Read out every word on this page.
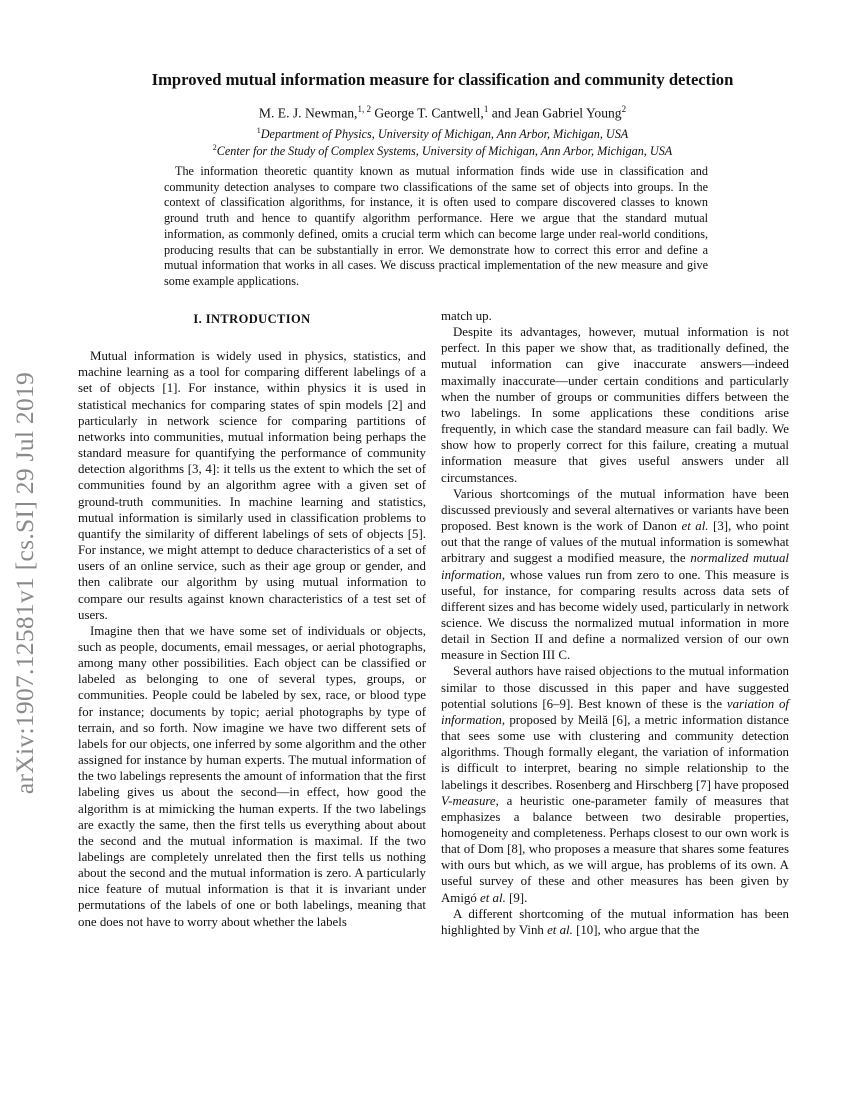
arXiv:1907.12581v1 [cs.SI] 29 Jul 2019
Improved mutual information measure for classification and community detection
M. E. J. Newman,$^{1, 2}$ George T. Cantwell,$^1$ and Jean Gabriel Young$^2$
$^1$Department of Physics, University of Michigan, Ann Arbor, Michigan, USA
$^2$Center for the Study of Complex Systems, University of Michigan, Ann Arbor, Michigan, USA

The information theoretic quantity known as mutual information finds wide use in classification and community detection analyses to compare two classifications of the same set of objects into groups. In the context of classification algorithms, for instance, it is often used to compare discovered classes to known ground truth and hence to quantify algorithm performance. Here we argue that the standard mutual information, as commonly defined, omits a crucial term which can become large under real-world conditions, producing results that can be substantially in error. We demonstrate how to correct this error and define a mutual information that works in all cases. We discuss practical implementation of the new measure and give some example applications.

I. INTRODUCTION

Mutual information is widely used in physics, statistics, and machine learning as a tool for comparing different labelings of a set of objects [1]. For instance, within physics it is used in statistical mechanics for comparing states of spin models [2] and particularly in network science for comparing partitions of networks into communities, mutual information being perhaps the standard measure for quantifying the performance of community detection algorithms [3, 4]: it tells us the extent to which the set of communities found by an algorithm agree with a given set of ground-truth communities. In machine learning and statistics, mutual information is similarly used in classification problems to quantify the similarity of different labelings of sets of objects [5]. For instance, we might attempt to deduce characteristics of a set of users of an online service, such as their age group or gender, and then calibrate our algorithm by using mutual information to compare our results against known characteristics of a test set of users.

Imagine then that we have some set of individuals or objects, such as people, documents, email messages, or aerial photographs, among many other possibilities. Each object can be classified or labeled as belonging to one of several types, groups, or communities. People could be labeled by sex, race, or blood type for instance; documents by topic; aerial photographs by type of terrain, and so forth. Now imagine we have two different sets of labels for our objects, one inferred by some algorithm and the other assigned for instance by human experts. The mutual information of the two labelings represents the amount of information that the first labeling gives us about the second—in effect, how good the algorithm is at mimicking the human experts. If the two labelings are exactly the same, then the first tells us everything about about the second and the mutual information is maximal. If the two labelings are completely unrelated then the first tells us nothing about the second and the mutual information is zero. A particularly nice feature of mutual information is that it is invariant under permutations of the labels of one or both labelings, meaning that one does not have to worry about whether the labels

match up.

Despite its advantages, however, mutual information is not perfect. In this paper we show that, as traditionally defined, the mutual information can give inaccurate answers—indeed maximally inaccurate—under certain conditions and particularly when the number of groups or communities differs between the two labelings. In some applications these conditions arise frequently, in which case the standard measure can fail badly. We show how to properly correct for this failure, creating a mutual information measure that gives useful answers under all circumstances.

Various shortcomings of the mutual information have been discussed previously and several alternatives or variants have been proposed. Best known is the work of Danon et al. [3], who point out that the range of values of the mutual information is somewhat arbitrary and suggest a modified measure, the normalized mutual information, whose values run from zero to one. This measure is useful, for instance, for comparing results across data sets of different sizes and has become widely used, particularly in network science. We discuss the normalized mutual information in more detail in Section II and define a normalized version of our own measure in Section III C.

Several authors have raised objections to the mutual information similar to those discussed in this paper and have suggested potential solutions [6–9]. Best known of these is the variation of information, proposed by Meilă [6], a metric information distance that sees some use with clustering and community detection algorithms. Though formally elegant, the variation of information is difficult to interpret, bearing no simple relationship to the labelings it describes. Rosenberg and Hirschberg [7] have proposed V-measure, a heuristic one-parameter family of measures that emphasizes a balance between two desirable properties, homogeneity and completeness. Perhaps closest to our own work is that of Dom [8], who proposes a measure that shares some features with ours but which, as we will argue, has problems of its own. A useful survey of these and other measures has been given by Amigó et al. [9].

A different shortcoming of the mutual information has been highlighted by Vinh et al. [10], who argue that the
